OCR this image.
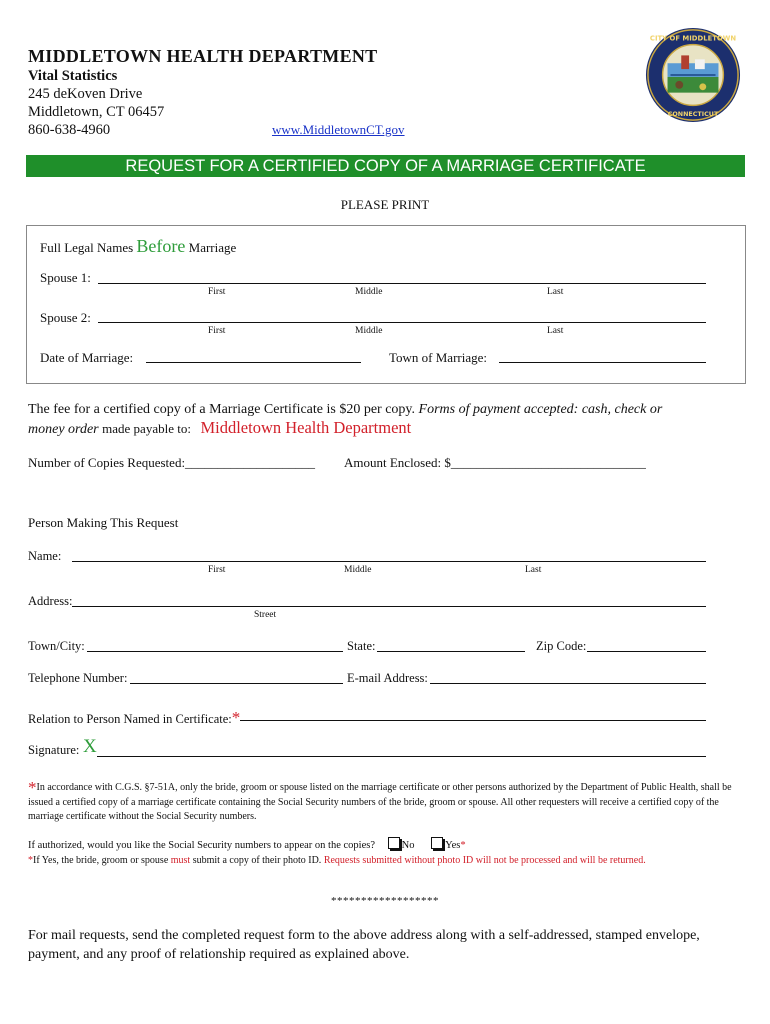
MIDDLETOWN HEALTH DEPARTMENT
Vital Statistics
245 deKoven Drive
Middletown, CT 06457
860-638-4960	www.MiddletownCT.gov
CITY OF MIDDLETOWN
CONNECTICUT
REQUEST FOR A CERTIFIED COPY OF A MARRIAGE CERTIFICATE
PLEASE PRINT
Full Legal Names Before Marriage
Spouse 1:
First	Middle	Last
Spouse 2:
First	Middle	Last
Date of Marriage:	Town of Marriage:
The fee for a certified copy of a Marriage Certificate is $20 per copy. Forms of payment accepted: cash, check or
money order made payable to: Middletown Health Department
Number of Copies Requested:____________________ Amount Enclosed: $______________________________
Person Making This Request
Name:
First	Middle	Last
Address:
Street
Town/City:	State:	Zip Code:
Telephone Number:	E-mail Address:
Relation to Person Named in Certificate:*
Signature: X
*In accordance with C.G.S. §7-51A, only the bride, groom or spouse listed on the marriage certificate or other persons authorized by the Department of Public Health, shall be issued a certified copy of a marriage certificate containing the Social Security numbers of the bride, groom or spouse. All other requesters will receive a certified copy of the marriage certificate without the Social Security numbers.
If authorized, would you like the Social Security numbers to appear on the copies?	No	Yes*
*If Yes, the bride, groom or spouse must submit a copy of their photo ID. Requests submitted without photo ID will not be processed and will be returned.
******************
For mail requests, send the completed request form to the above address along with a self-addressed, stamped envelope, payment, and any proof of relationship required as explained above.
